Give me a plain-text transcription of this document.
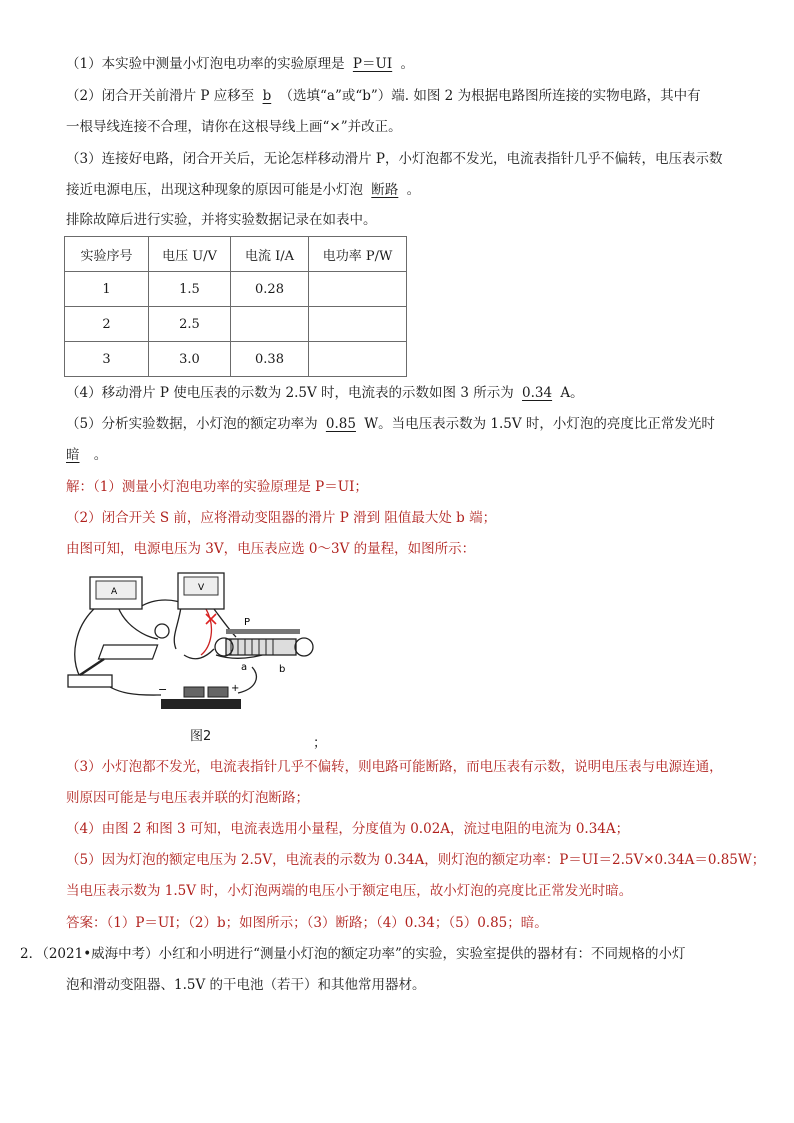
（1）本实验中测量小灯泡电功率的实验原理是 P＝UI 。
（2）闭合开关前滑片 P 应移至 b （选填“a”或“b”）端. 如图 2 为根据电路图所连接的实物电路，其中有
一根导线连接不合理，请你在这根导线上画“×”并改正。
（3）连接好电路，闭合开关后，无论怎样移动滑片 P，小灯泡都不发光，电流表指针几乎不偏转，电压表示数
接近电源电压，出现这种现象的原因可能是小灯泡 断路 。
排除故障后进行实验，并将实验数据记录在如表中。
实验序号	电压 U/V	电流 I/A	电功率 P/W
1	1.5	0.28	
2	2.5		
3	3.0	0.38	
（4）移动滑片 P 使电压表的示数为 2.5V 时，电流表的示数如图 3 所示为 0.34 A。
（5）分析实验数据，小灯泡的额定功率为 0.85 W。当电压表示数为 1.5V 时，小灯泡的亮度比正常发光时
暗 。
解：（1）测量小灯泡电功率的实验原理是 P＝UI；
（2）闭合开关 S 前，应将滑动变阻器的滑片 P 滑到 阻值最大处 b 端；
由图可知，电源电压为 3V，电压表应选 0～3V 的量程，如图所示：
A	V
P
a	b
−	+
图2	；
（3）小灯泡都不发光，电流表指针几乎不偏转，则电路可能断路，而电压表有示数，说明电压表与电源连通，
则原因可能是与电压表并联的灯泡断路；
（4）由图 2 和图 3 可知，电流表选用小量程，分度值为 0.02A，流过电阻的电流为 0.34A；
（5）因为灯泡的额定电压为 2.5V，电流表的示数为 0.34A，则灯泡的额定功率：P＝UI＝2.5V×0.34A＝0.85W；
当电压表示数为 1.5V 时，小灯泡两端的电压小于额定电压，故小灯泡的亮度比正常发光时暗。
答案：（1）P＝UI；（2）b；如图所示；（3）断路；（4）0.34；（5）0.85；暗。
2．（2021•威海中考）小红和小明进行“测量小灯泡的额定功率”的实验，实验室提供的器材有：不同规格的小灯
泡和滑动变阻器、1.5V 的干电池（若干）和其他常用器材。
